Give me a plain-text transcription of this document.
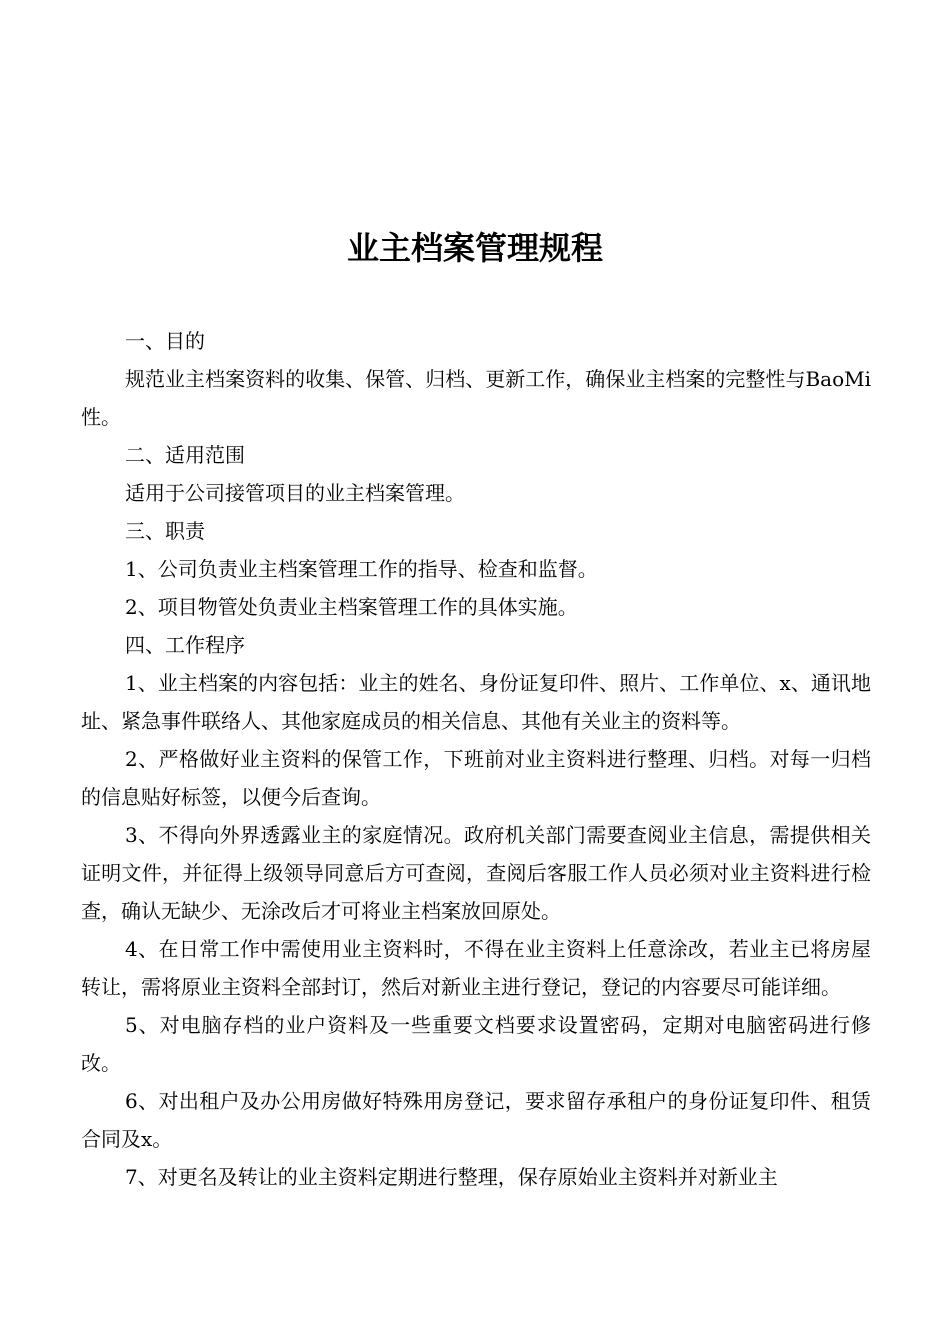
业主档案管理规程

一、目的

规范业主档案资料的收集、保管、归档、更新工作，确保业主档案的完整性与BaoMi性。

二、适用范围

适用于公司接管项目的业主档案管理。

三、职责

1、公司负责业主档案管理工作的指导、检查和监督。

2、项目物管处负责业主档案管理工作的具体实施。

四、工作程序

1、业主档案的内容包括：业主的姓名、身份证复印件、照片、工作单位、x、通讯地址、紧急事件联络人、其他家庭成员的相关信息、其他有关业主的资料等。

2、严格做好业主资料的保管工作，下班前对业主资料进行整理、归档。对每一归档的信息贴好标签，以便今后查询。

3、不得向外界透露业主的家庭情况。政府机关部门需要查阅业主信息，需提供相关证明文件，并征得上级领导同意后方可查阅，查阅后客服工作人员必须对业主资料进行检查，确认无缺少、无涂改后才可将业主档案放回原处。

4、在日常工作中需使用业主资料时，不得在业主资料上任意涂改，若业主已将房屋转让，需将原业主资料全部封订，然后对新业主进行登记，登记的内容要尽可能详细。

5、对电脑存档的业户资料及一些重要文档要求设置密码，定期对电脑密码进行修改。

6、对出租户及办公用房做好特殊用房登记，要求留存承租户的身份证复印件、租赁合同及x。

7、对更名及转让的业主资料定期进行整理，保存原始业主资料并对新业主
